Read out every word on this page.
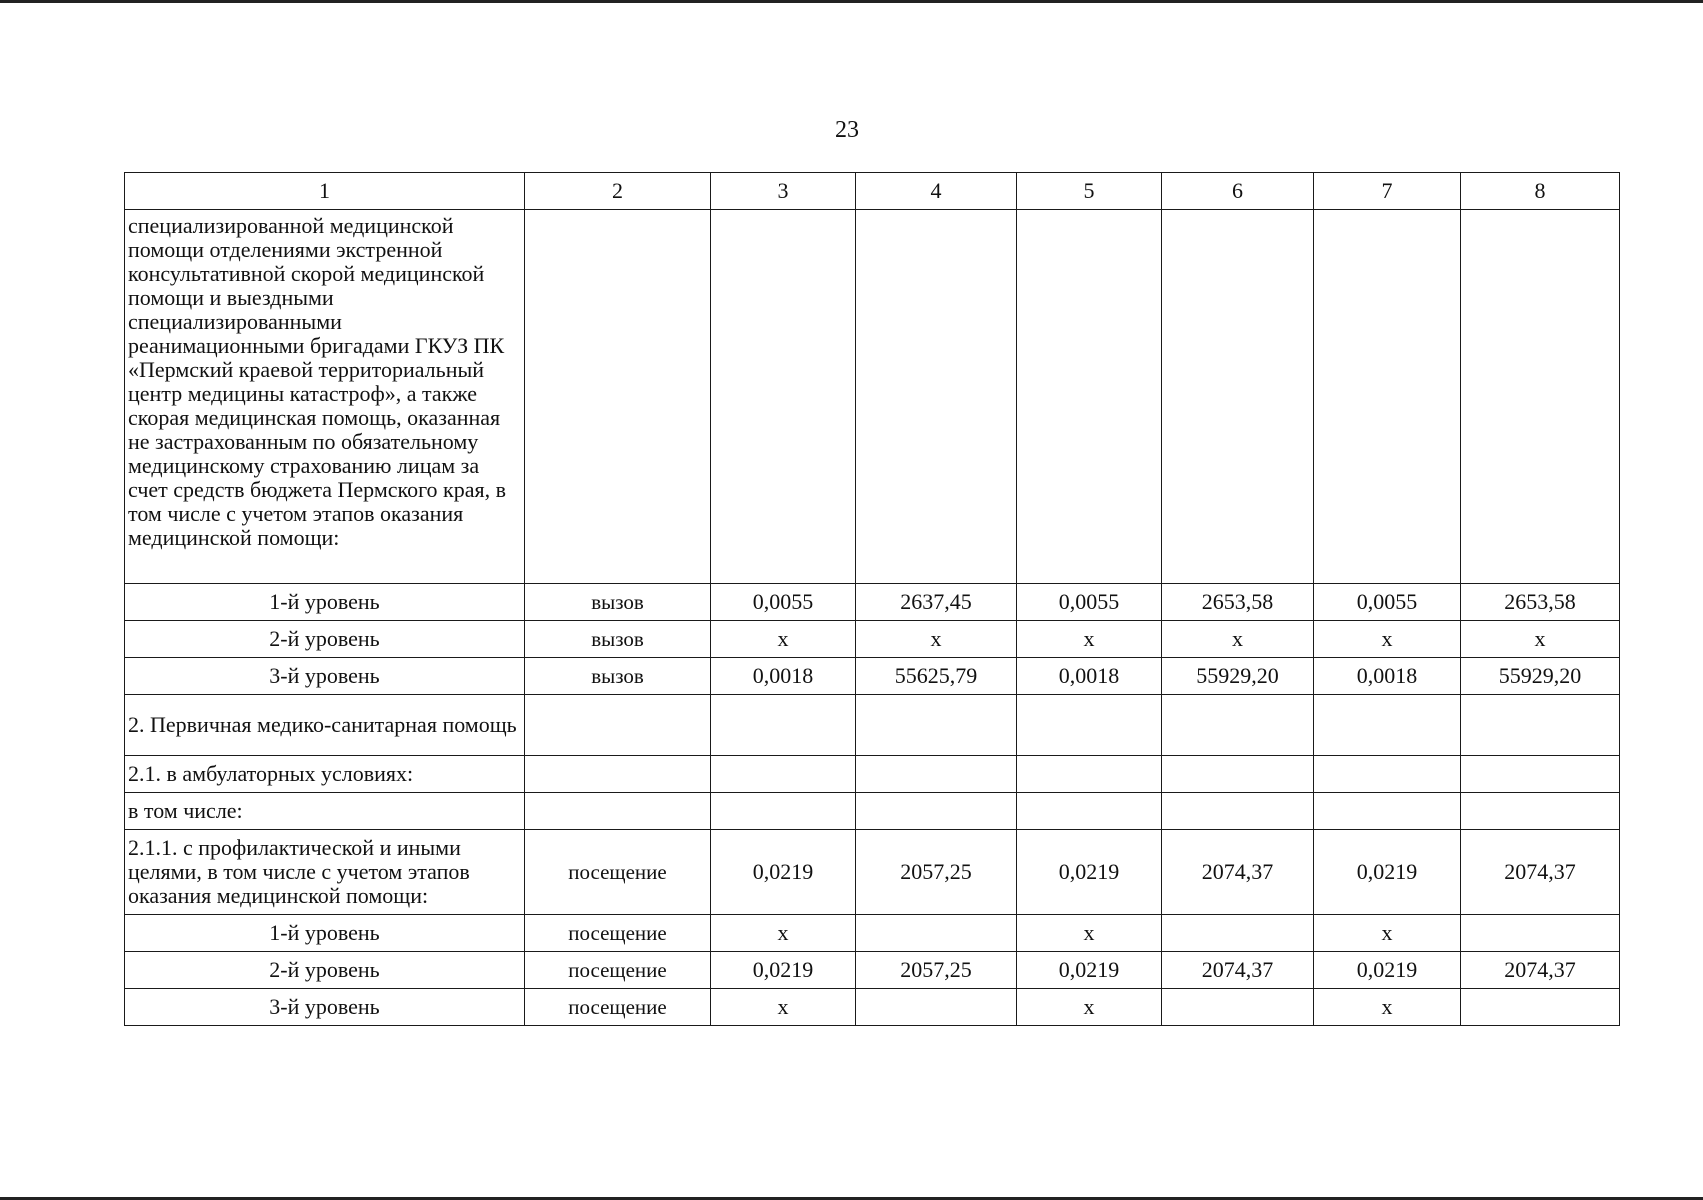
23
1	2	3	4	5	6	7	8
специализированной медицинской помощи отделениями экстренной консультативной скорой медицинской помощи и выездными специализированными реанимационными бригадами ГКУЗ ПК «Пермский краевой территориальный центр медицины катастроф», а также скорая медицинская помощь, оказанная не застрахованным по обязательному медицинскому страхованию лицам за счет средств бюджета Пермского края, в том числе с учетом этапов оказания медицинской помощи:							
1-й уровень	вызов	0,0055	2637,45	0,0055	2653,58	0,0055	2653,58
2-й уровень	вызов	х	х	х	х	х	х
3-й уровень	вызов	0,0018	55625,79	0,0018	55929,20	0,0018	55929,20
2. Первичная медико-санитарная помощь							
2.1. в амбулаторных условиях:							
в том числе:							
2.1.1. с профилактической и иными целями, в том числе с учетом этапов оказания медицинской помощи:	посещение	0,0219	2057,25	0,0219	2074,37	0,0219	2074,37
1-й уровень	посещение	х		х		х	
2-й уровень	посещение	0,0219	2057,25	0,0219	2074,37	0,0219	2074,37
3-й уровень	посещение	х		х		х	
